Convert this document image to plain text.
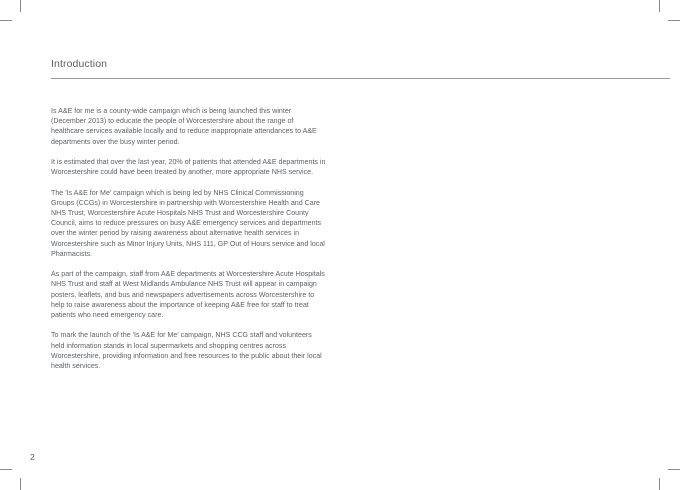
Introduction

Is A&E for me is a county-wide campaign which is being launched this winter (December 2013) to educate the people of Worcestershire about the range of healthcare services available locally and to reduce inappropriate attendances to A&E departments over the busy winter period.

It is estimated that over the last year, 20% of patients that attended A&E departments in Worcestershire could have been treated by another, more appropriate NHS service.

The 'Is A&E for Me' campaign which is being led by NHS Clinical Commissioning Groups (CCGs) in Worcestershire in partnership with Worcestershire Health and Care NHS Trust, Worcestershire Acute Hospitals NHS Trust and Worcestershire County Council, aims to reduce pressures on busy A&E emergency services and departments over the winter period by raising awareness about alternative health services in Worcestershire such as Minor Injury Units, NHS 111, GP Out of Hours service and local Pharmacists.

As part of the campaign, staff from A&E departments at Worcestershire Acute Hospitals NHS Trust and staff at West Midlands Ambulance NHS Trust will appear in campaign posters, leaflets, and bus and newspapers advertisements across Worcestershire to help to raise awareness about the importance of keeping A&E free for staff to treat patients who need emergency care.

To mark the launch of the 'Is A&E for Me' campaign, NHS CCG staff and volunteers held information stands in local supermarkets and shopping centres across Worcestershire, providing information and free resources to the public about their local health services.

2
